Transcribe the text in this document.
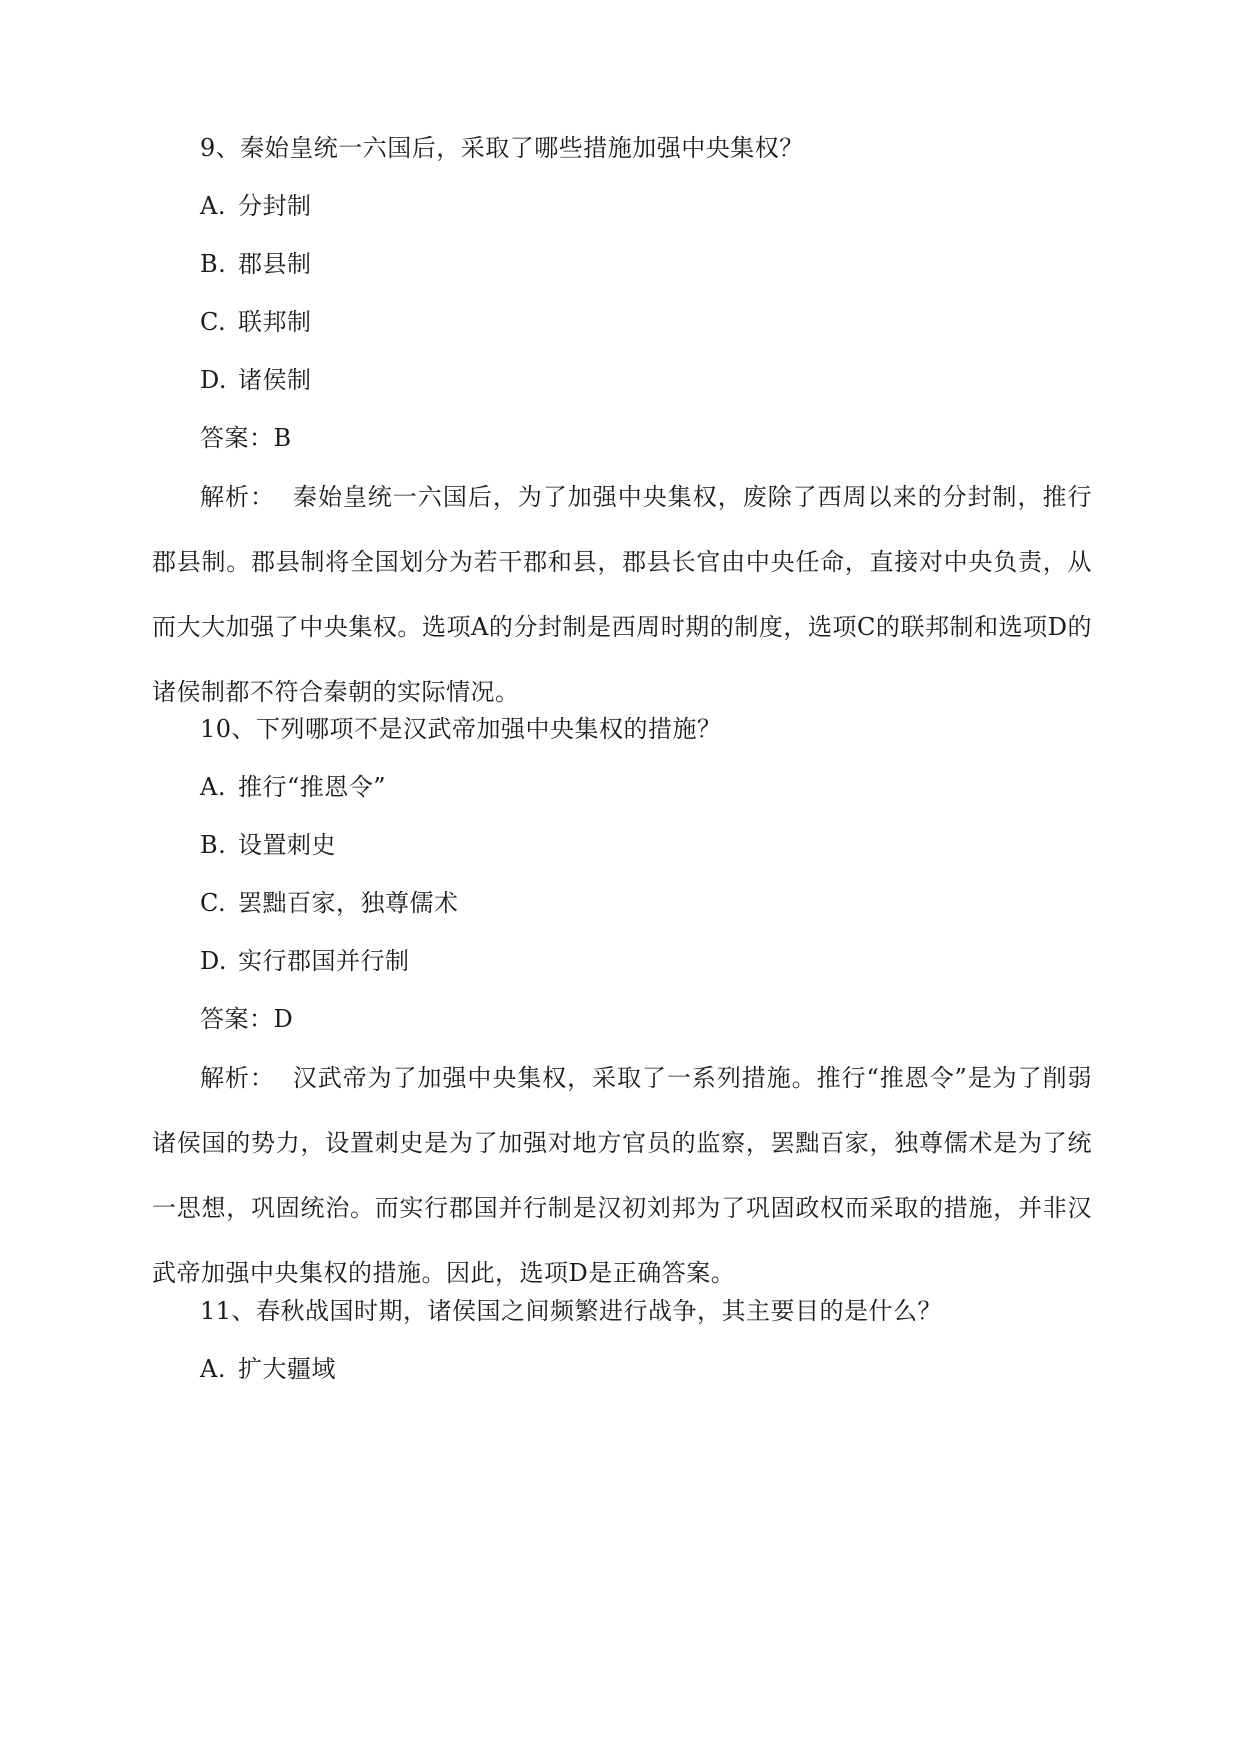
9、秦始皇统一六国后，采取了哪些措施加强中央集权？
A. 分封制
B. 郡县制
C. 联邦制
D. 诸侯制
答案：B
解析： 秦始皇统一六国后，为了加强中央集权，废除了西周以来的分封制，推行郡县制。郡县制将全国划分为若干郡和县，郡县长官由中央任命，直接对中央负责，从而大大加强了中央集权。选项A的分封制是西周时期的制度，选项C的联邦制和选项D的诸侯制都不符合秦朝的实际情况。
10、下列哪项不是汉武帝加强中央集权的措施？
A. 推行“推恩令”
B. 设置刺史
C. 罢黜百家，独尊儒术
D. 实行郡国并行制
答案：D
解析： 汉武帝为了加强中央集权，采取了一系列措施。推行“推恩令”是为了削弱诸侯国的势力，设置刺史是为了加强对地方官员的监察，罢黜百家，独尊儒术是为了统一思想，巩固统治。而实行郡国并行制是汉初刘邦为了巩固政权而采取的措施，并非汉武帝加强中央集权的措施。因此，选项D是正确答案。
11、春秋战国时期，诸侯国之间频繁进行战争，其主要目的是什么？
A. 扩大疆域
